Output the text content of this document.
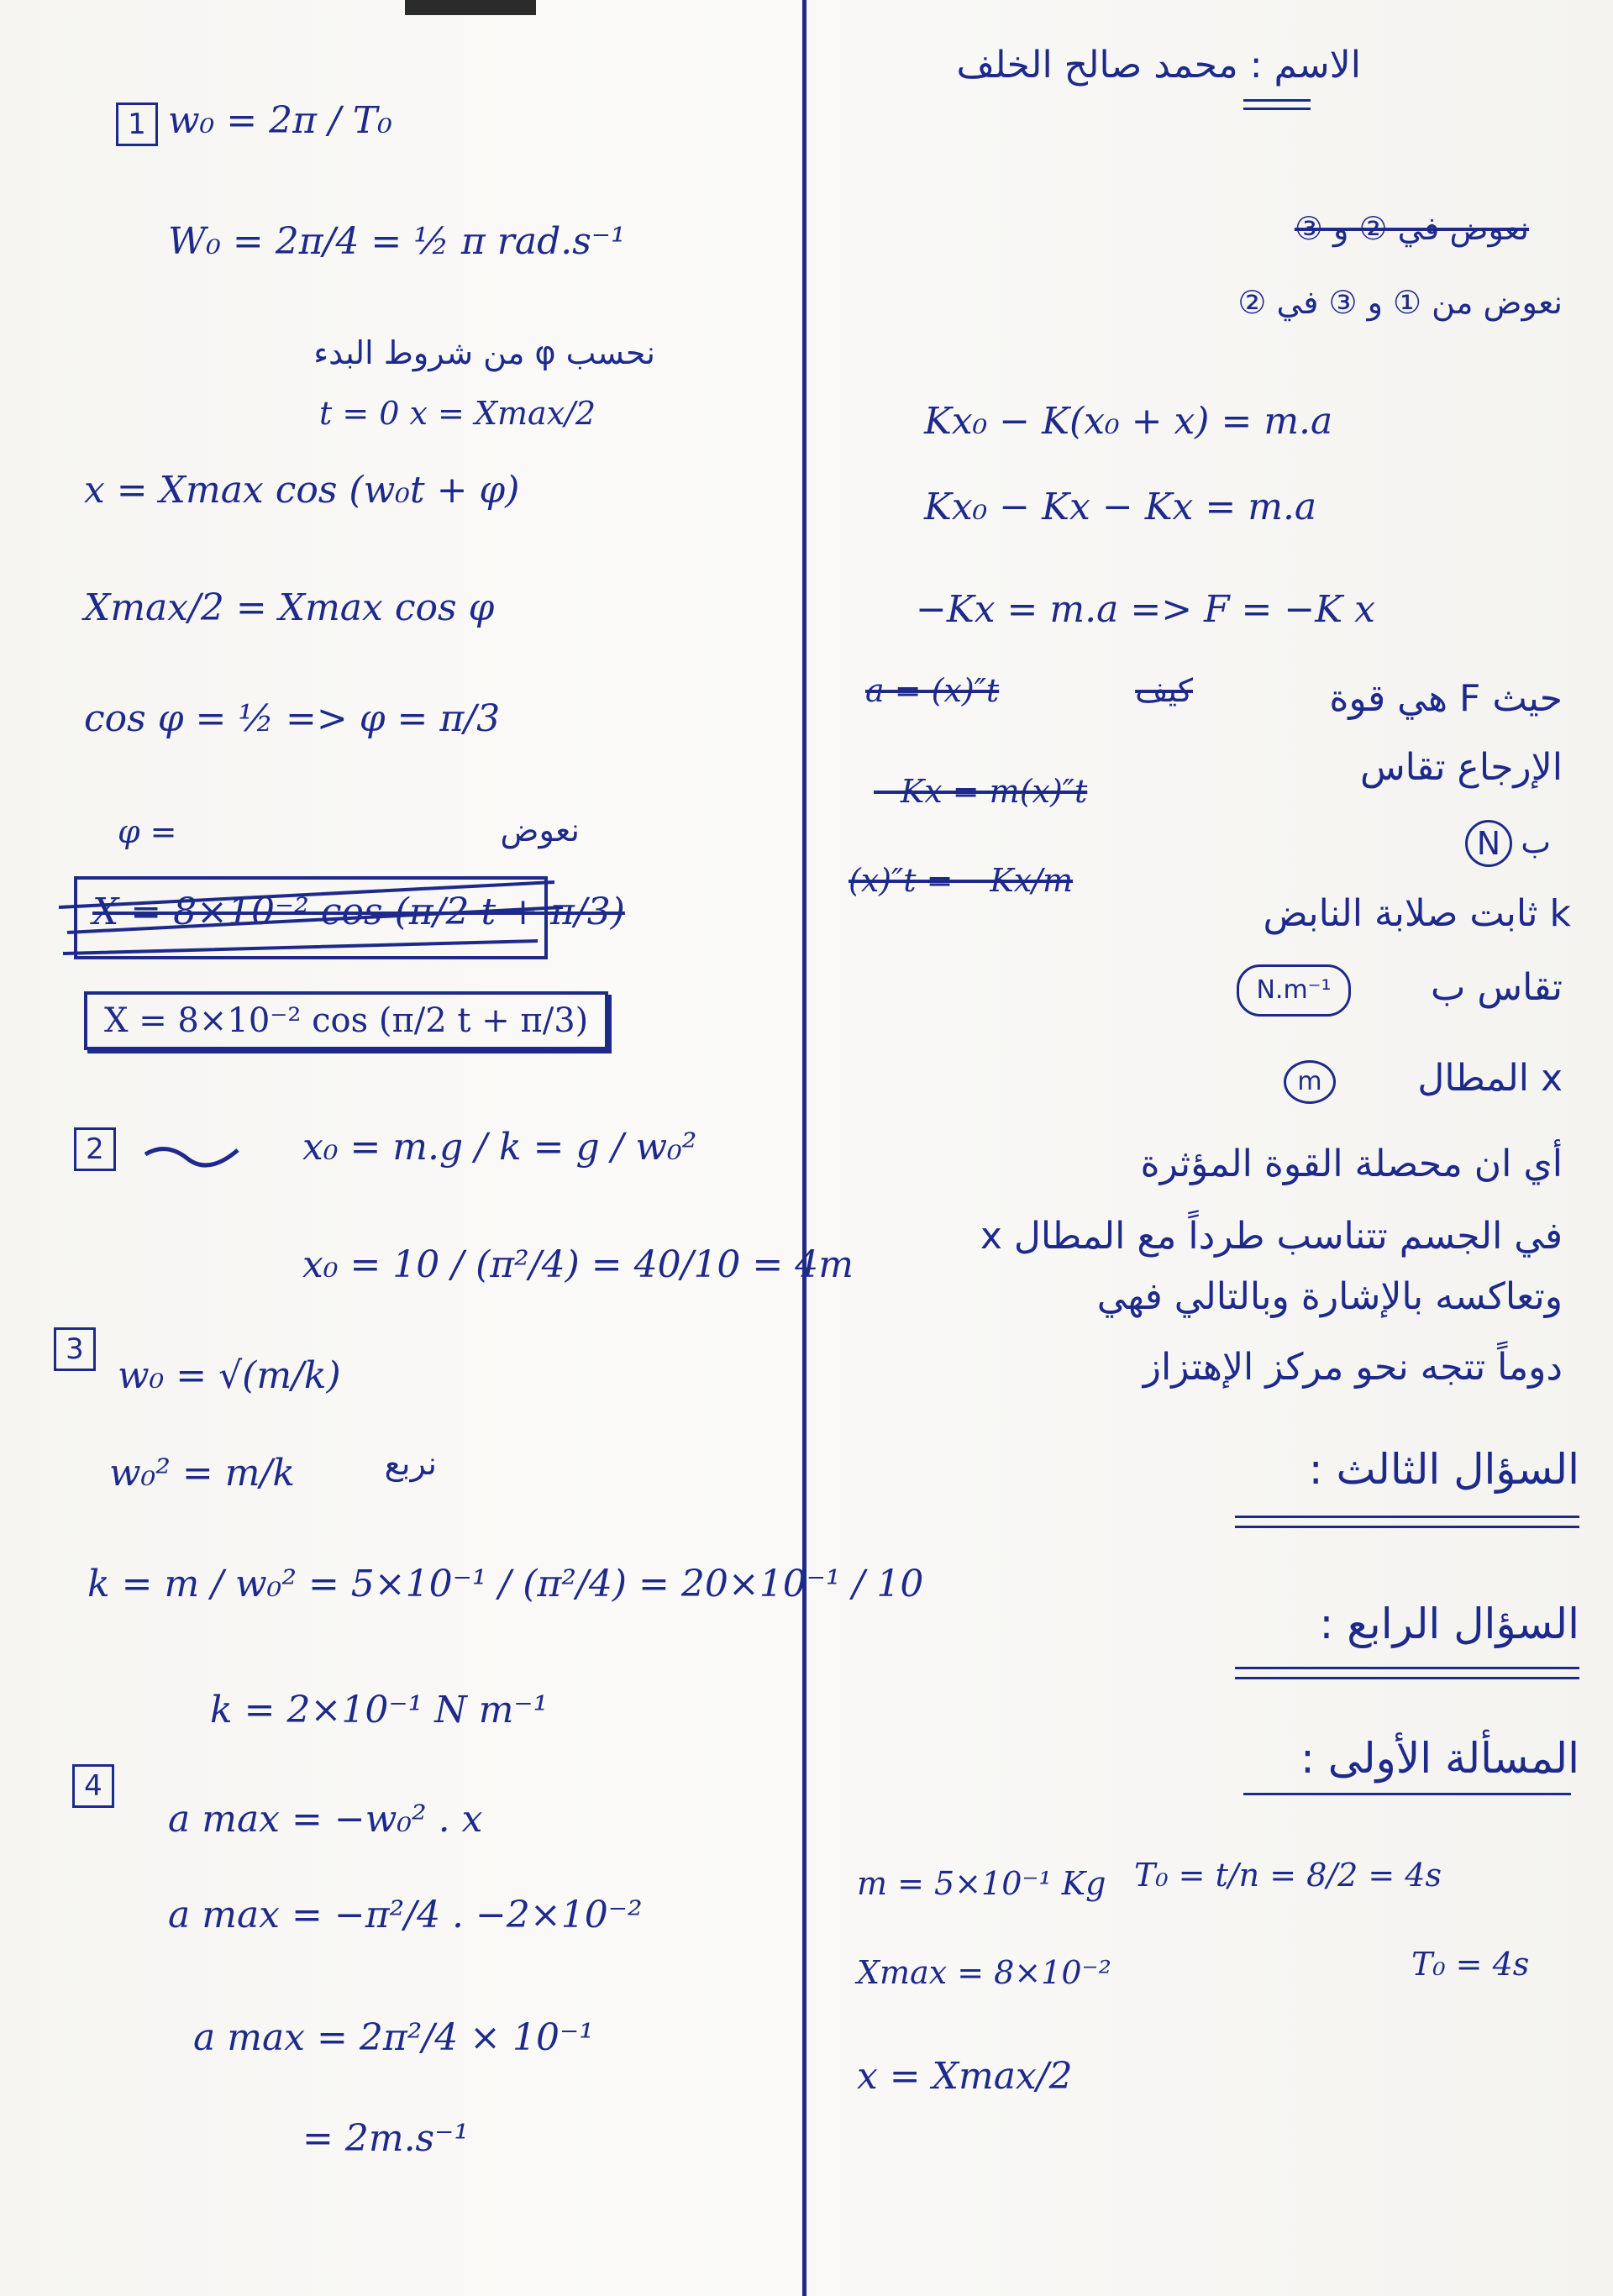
1 w₀ = 2π / T₀
W₀ = 2π/4 = ½ π rad.s⁻¹
نحسب φ من شروط البدء
t = 0 x = Xmax/2
x = Xmax cos (w₀t + φ)
Xmax/2 = Xmax cos φ
cos φ = ½ => φ = π/3
φ =	نعوض
X = 8×10⁻² cos (π/2 t + π/3)
X = 8×10⁻² cos (π/2 t + π/3)
2	x₀ = m.g / k = g / w₀²
x₀ = 10 / (π²/4) = 40/10 = 4m
3
w₀ = √(m/k)
w₀² = m/k	نربع
k = m / w₀² = 5×10⁻¹ / (π²/4) = 20×10⁻¹ / 10
k = 2×10⁻¹ N m⁻¹
4
a max = −w₀² . x
a max = −π²/4 . −2×10⁻²
a max = 2π²/4 × 10⁻¹
= 2m.s⁻¹
الاسم : محمد صالح الخلف
نعوض في ② و ③
نعوض من ① و ③ في ②
Kx₀ − K(x₀ + x) = m.a
Kx₀ − Kx − Kx = m.a
−Kx = m.a => F = −K x
a = (x)″t	كيف
−Kx = m(x)″t
(x)″t = −Kx/m
حيث F هي قوة
الإرجاع تقاس
N ب
k ثابت صلابة النابض
N.m⁻¹	تقاس ب
m	x المطال
أي ان محصلة القوة المؤثرة
في الجسم تتناسب طرداً مع المطال x
وتعاكسه بالإشارة وبالتالي فهي
دوماً تتجه نحو مركز الإهتزاز
السؤال الثالث :
السؤال الرابع :
المسألة الأولى :
m = 5×10⁻¹ Kg T₀ = t/n = 8/2 = 4s
T₀ = 4s
Xmax = 8×10⁻²
x = Xmax/2
